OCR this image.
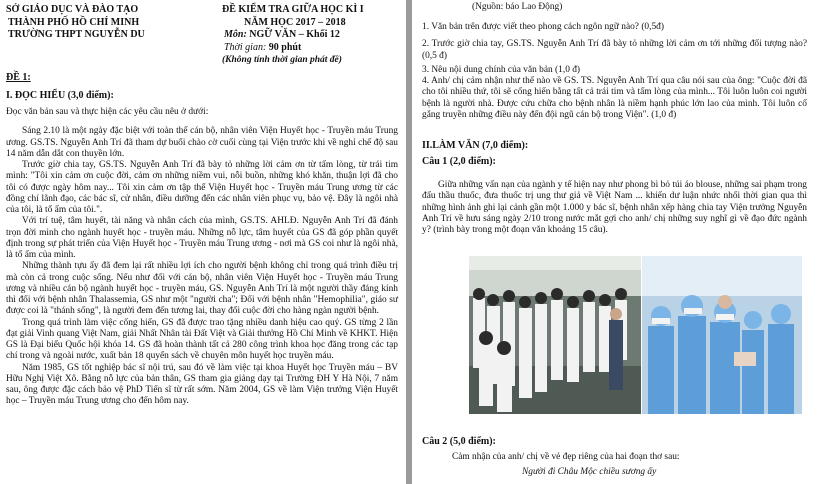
SỞ GIÁO DỤC VÀ ĐÀO TẠO
THÀNH PHỐ HỒ CHÍ MINH
TRƯỜNG THPT NGUYỄN DU
ĐỀ KIỂM TRA GIỮA HỌC KÌ I
NĂM HỌC 2017 – 2018
Môn: NGỮ VĂN – Khối 12
Thời gian: 90 phút
(Không tính thời gian phát đề)
ĐỀ 1:
I. ĐỌC HIỂU (3,0 điểm):

Đọc văn bản sau và thực hiện các yêu cầu nêu ở dưới:

Sáng 2.10 là một ngày đặc biệt với toàn thể cán bộ, nhân viên Viện Huyết học - Truyền máu Trung ương. GS.TS. Nguyễn Anh Trí đã tham dự buổi chào cờ cuối cùng tại Viện trước khi về nghỉ chế độ sau 14 năm dẫn dắt con thuyền lớn.

Trước giờ chia tay, GS.TS. Nguyễn Anh Trí đã bày tỏ những lời cảm ơn từ tấm lòng, từ trái tim mình: "Tôi xin cảm ơn cuộc đời, cảm ơn những niềm vui, nỗi buồn, những khó khăn, thuận lợi đã cho tôi có được ngày hôm nay... Tôi xin cảm ơn tập thể Viện Huyết học - Truyền máu Trung ương từ các đồng chí lãnh đạo, các bác sĩ, cử nhân, điều dưỡng đến các nhân viên phục vụ, bảo vệ. Đây là ngôi nhà của tôi, là tổ ấm của tôi.".

Với trí tuệ, tâm huyết, tài năng và nhân cách của mình, GS.TS. AHLĐ. Nguyễn Anh Trí đã đánh trọn đời mình cho ngành huyết học - truyền máu. Những nỗ lực, tâm huyết của GS đã góp phần quyết định trong sự phát triển của Viện Huyết học - Truyền máu Trung ương - nơi mà GS coi như là ngôi nhà, là tổ ấm của mình.

Những thành tựu ấy đã đem lại rất nhiều lợi ích cho người bệnh không chỉ trong quá trình điều trị mà còn cả trong cuộc sống. Nếu như đối với cán bộ, nhân viên Viện Huyết học - Truyền máu Trung ương và nhiều cán bộ ngành huyết học - truyền máu, GS. Nguyễn Anh Trí là một người thầy đáng kính thì đối với bệnh nhân Thalassemia, GS như một "người cha"; Đối với bệnh nhân "Hemophilia", giáo sư được coi là "thánh sống", là người đem đến tương lai, thay đổi cuộc đời cho hàng ngàn người bệnh.

Trong quá trình làm việc cống hiến, GS đã được trao tặng nhiều danh hiệu cao quý. GS từng 2 lần đạt giải Vinh quang Việt Nam, giải Nhất Nhân tài Đất Việt và Giải thưởng Hồ Chí Minh về KHKT. Hiện GS là Đại biểu Quốc hội khóa 14. GS đã hoàn thành tất cả 280 công trình khoa học đăng trong các tạp chí trong và ngoài nước, xuất bản 18 quyển sách về chuyên môn huyết học truyền máu.

Năm 1985, GS tốt nghiệp bác sĩ nội trú, sau đó về làm việc tại khoa Huyết học Truyền máu – BV Hữu Nghị Việt Xô. Bằng nỗ lực của bản thân, GS tham gia giảng dạy tại Trường ĐH Y Hà Nội, 7 năm sau, ông được đặc cách bảo vệ PhD Tiến sĩ từ rất sớm. Năm 2004, GS về làm Viện trưởng Viện Huyết học – Truyền máu Trung ương cho đến hôm nay.

(Nguồn: báo Lao Động)

1. Văn bản trên được viết theo phong cách ngôn ngữ nào? (0,5đ)

2. Trước giờ chia tay, GS.TS. Nguyễn Anh Trí đã bày tỏ những lời cảm ơn tới những đối tượng nào? (0,5 đ)

3. Nêu nội dung chính của văn bản (1,0 đ)

4. Anh/ chị cảm nhận như thế nào về GS. TS. Nguyễn Anh Trí qua câu nói sau của ông: "Cuộc đời đã cho tôi nhiều thứ, tôi sẽ cống hiến bằng tất cả trái tim và tấm lòng của mình... Tôi luôn luôn coi người bệnh là người nhà. Được cứu chữa cho bệnh nhân là niềm hạnh phúc lớn lao của mình. Tôi luôn cố gắng truyền những điều này đến đội ngũ cán bộ trong Viện". (1,0 đ)

II.LÀM VĂN (7,0 điểm):
Câu 1 (2,0 điểm):

Giữa những vấn nạn của ngành y tế hiện nay như phong bì bỏ túi áo blouse, những sai phạm trong đấu thầu thuốc, đưa thuốc trị ung thư giả về Việt Nam ... khiến dư luận nhức nhối thời gian qua thì những hình ảnh ghi lại cảnh gần một 1.000 y bác sĩ, bệnh nhân xếp hàng chia tay Viện trưởng Nguyễn Anh Trí về hưu sáng ngày 2/10 trong nước mắt gợi cho anh/ chị những suy nghĩ gì về đạo đức ngành y? (trình bày trong một đoạn văn khoảng 15 câu).

Câu 2 (5,0 điểm):
Cảm nhận của anh/ chị về vẻ đẹp riêng của hai đoạn thơ sau:
Người đi Châu Mộc chiều sương ấy
